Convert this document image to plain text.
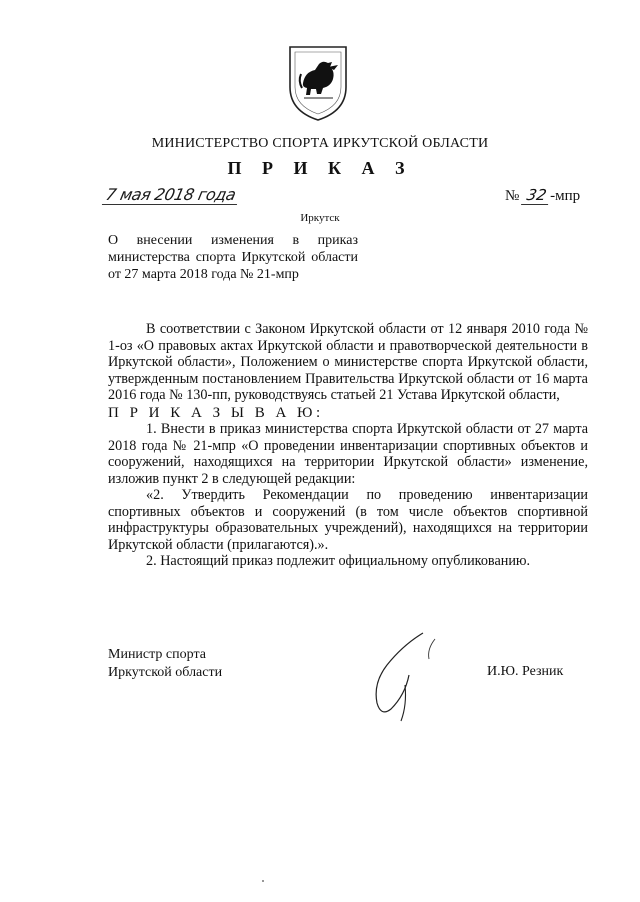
МИНИСТЕРСТВО СПОРТА ИРКУТСКОЙ ОБЛАСТИ
П Р И К А З
7 мая 2018 года	№ 32 -мпр
Иркутск
О внесении изменения в приказ министерства спорта Иркутской области от 27 марта 2018 года № 21-мпр

В соответствии с Законом Иркутской области от 12 января 2010 года № 1-оз «О правовых актах Иркутской области и правотворческой деятельности в Иркутской области», Положением о министерстве спорта Иркутской области, утвержденным постановлением Правительства Иркутской области от 16 марта 2016 года № 130-пп, руководствуясь статьей 21 Устава Иркутской области,

П Р И К А З Ы В А Ю:

1. Внести в приказ министерства спорта Иркутской области от 27 марта 2018 года № 21-мпр «О проведении инвентаризации спортивных объектов и сооружений, находящихся на территории Иркутской области» изменение, изложив пункт 2 в следующей редакции:

«2. Утвердить Рекомендации по проведению инвентаризации спортивных объектов и сооружений (в том числе объектов спортивной инфраструктуры образовательных учреждений), находящихся на территории Иркутской области (прилагаются).».

2. Настоящий приказ подлежит официальному опубликованию.

Министр спорта
Иркутской области	И.Ю. Резник
